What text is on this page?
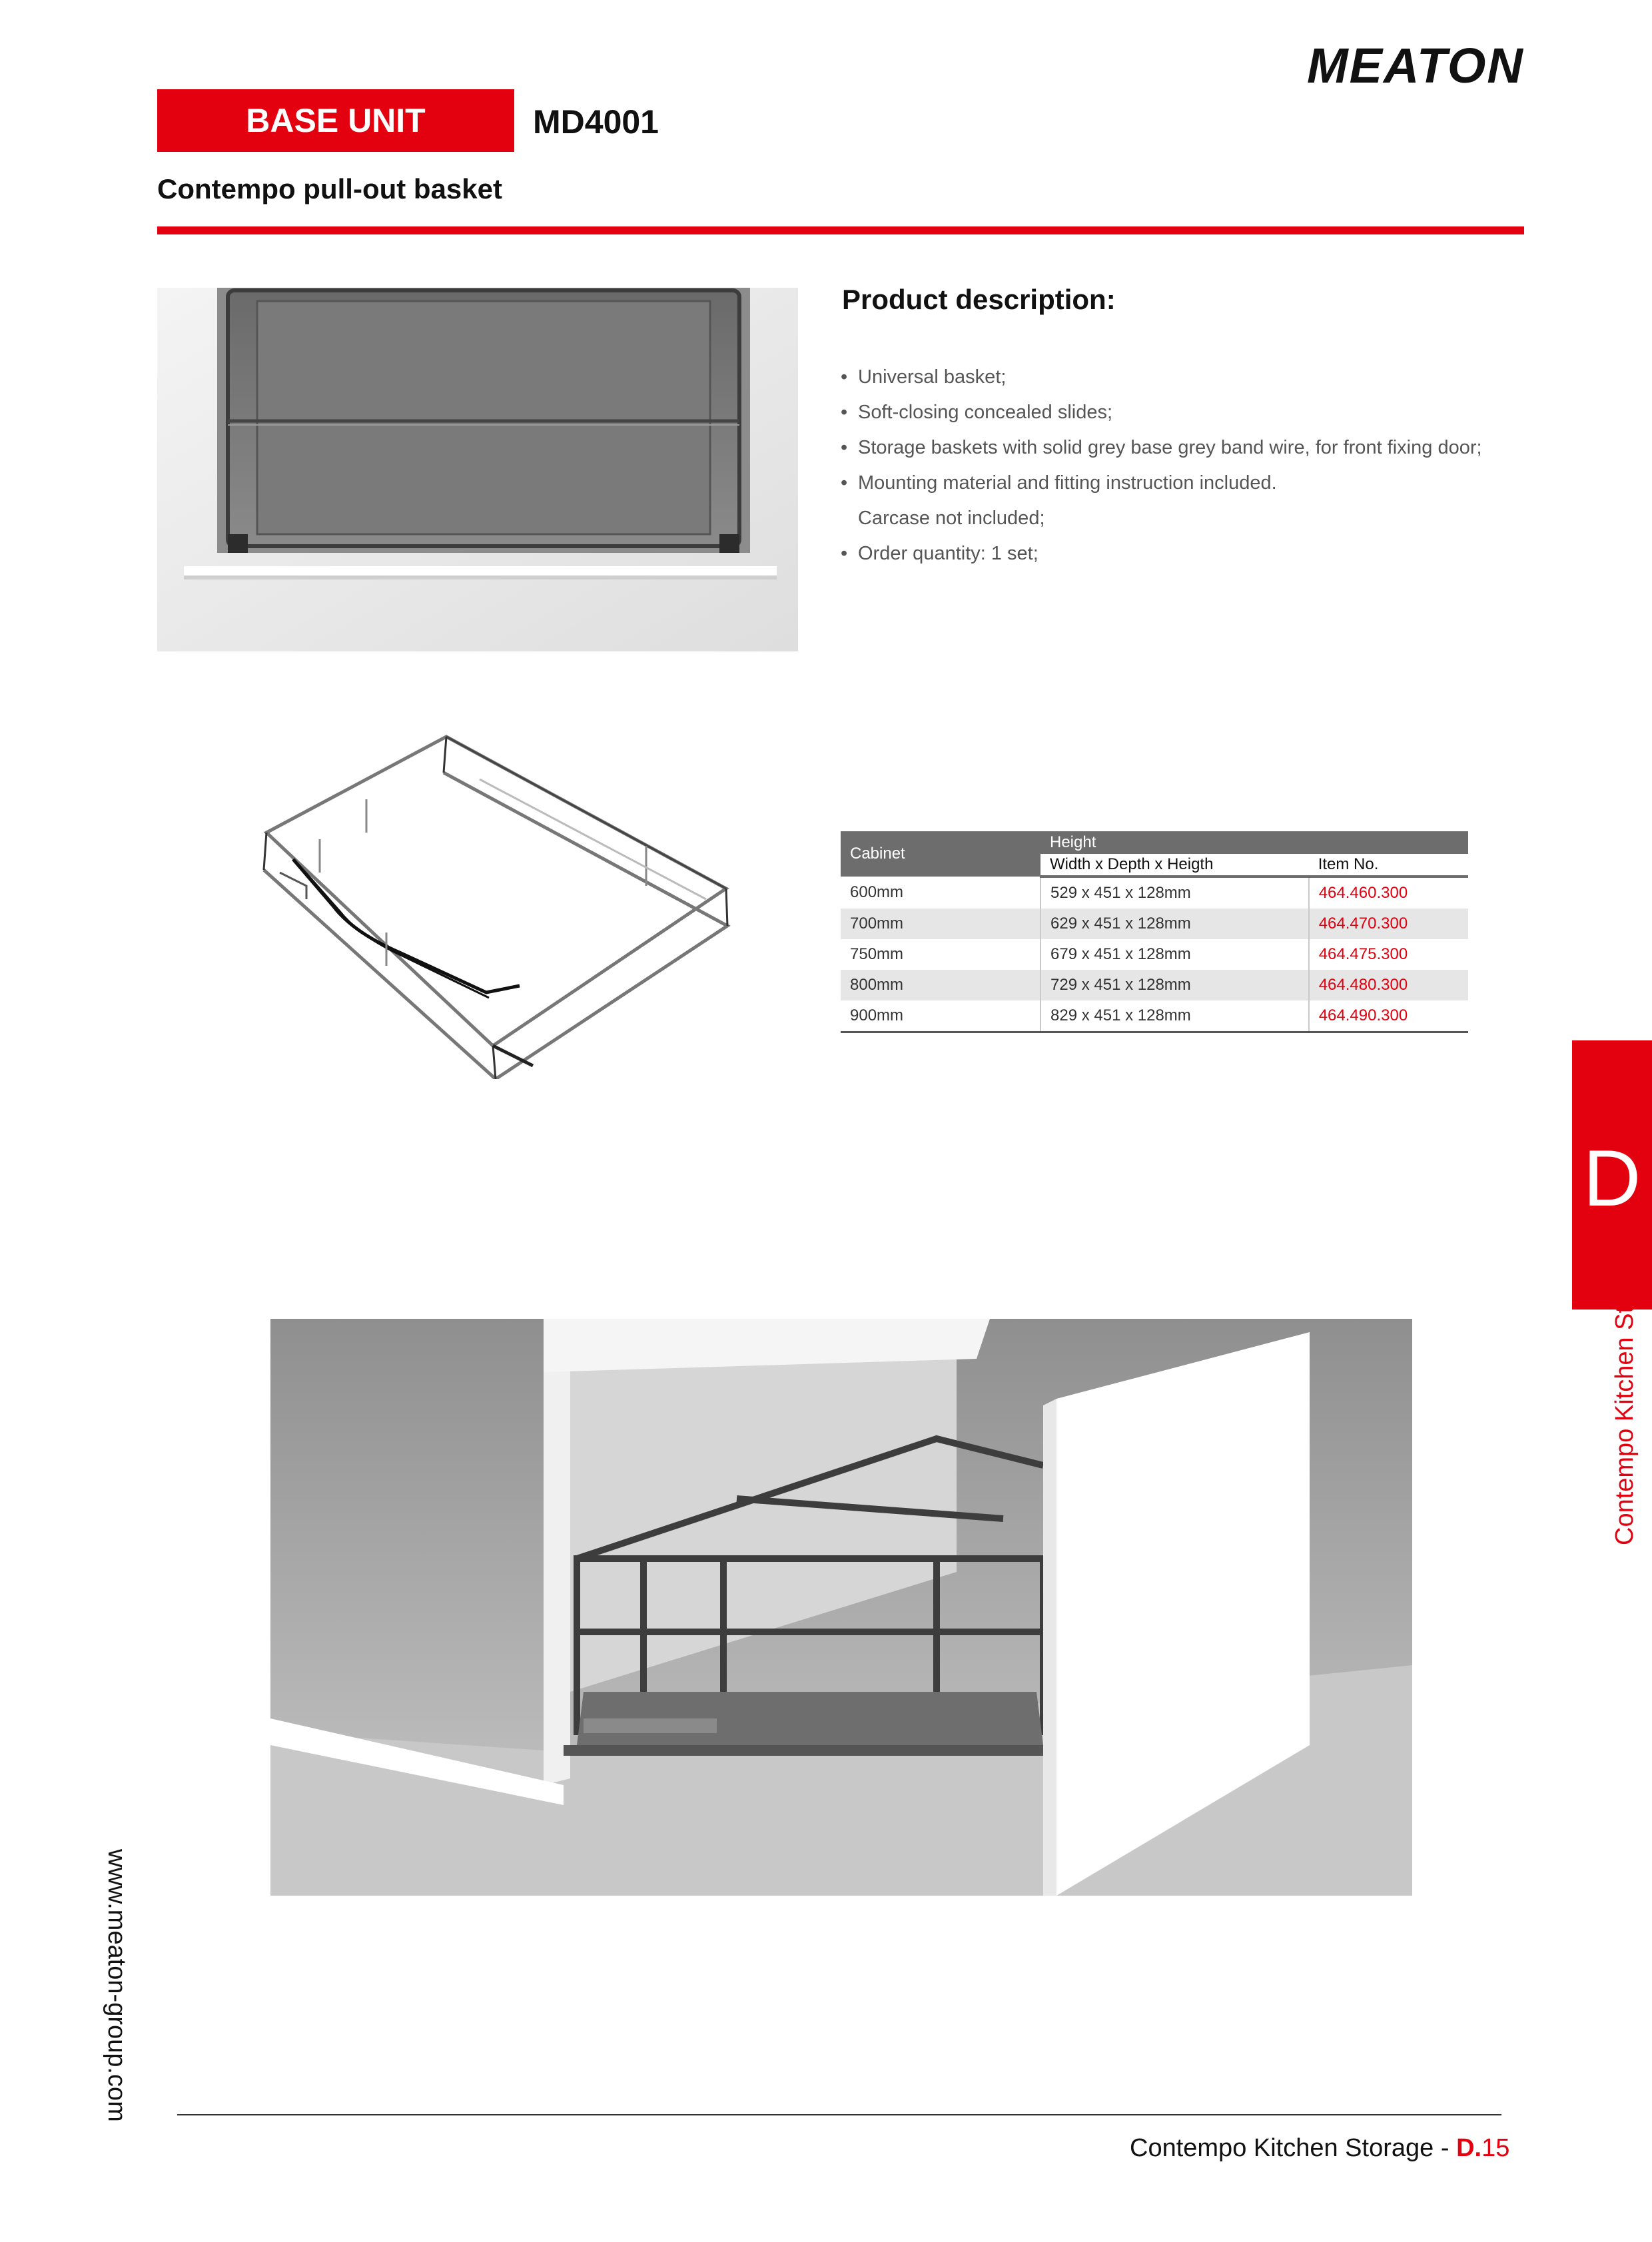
MEATON
BASE UNIT	MD4001
Contempo pull-out basket
Product description:
• Universal basket;
• Soft-closing concealed slides;
• Storage baskets with solid grey base grey band wire, for front fixing door;
• Mounting material and fitting instruction included.
Carcase not included;
• Order quantity: 1 set;
Cabinet	Height	
	Width x Depth x Heigth	Item No.
600mm	529 x 451 x 128mm	464.460.300
700mm	629 x 451 x 128mm	464.470.300
750mm	679 x 451 x 128mm	464.475.300
800mm	729 x 451 x 128mm	464.480.300
900mm	829 x 451 x 128mm	464.490.300
D
Contempo Kitchen Storage
www.meaton-group.com
Contempo Kitchen Storage - D.15
